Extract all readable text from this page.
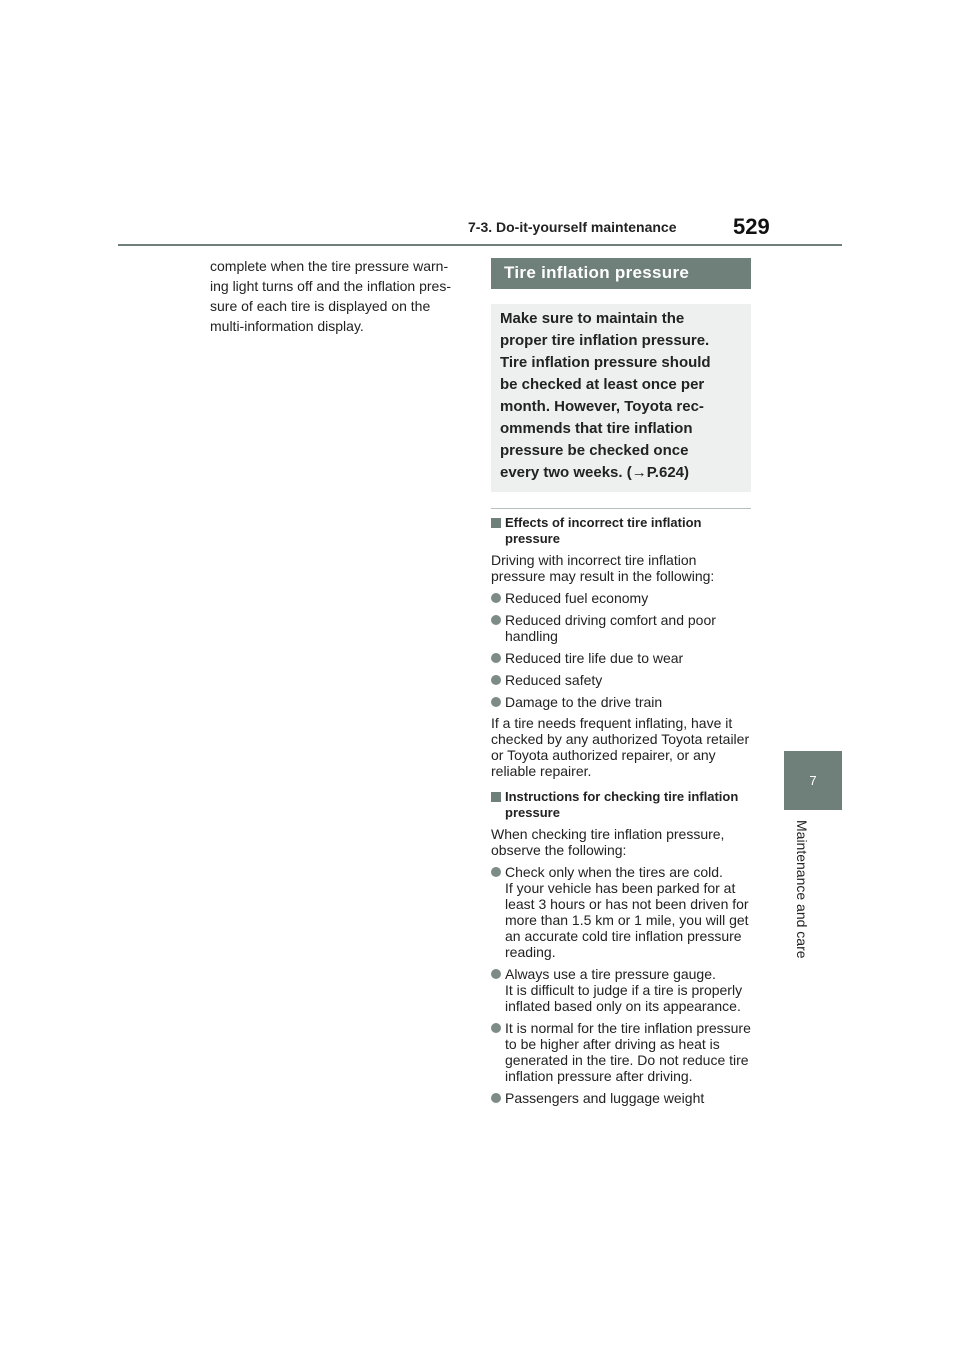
7-3. Do-it-yourself maintenance	529
7
Maintenance and care

complete when the tire pressure warn-

ing light turns off and the inflation pres-

sure of each tire is displayed on the

multi-information display.

Tire inflation pressure

Make sure to maintain the

proper tire inflation pressure.

Tire inflation pressure should

be checked at least once per

month. However, Toyota rec-

ommends that tire inflation

pressure be checked once

every two weeks. (→P.624)

Effects of incorrect tire inflation pressure

Driving with incorrect tire inflation pressure may result in the following:

Reduced fuel economy
Reduced driving comfort and poor handling
Reduced tire life due to wear
Reduced safety
Damage to the drive train

If a tire needs frequent inflating, have it checked by any authorized Toyota retailer or Toyota authorized repairer, or any reliable repairer.

Instructions for checking tire inflation pressure

When checking tire inflation pressure, observe the following:

Check only when the tires are cold.
If your vehicle has been parked for at least 3 hours or has not been driven for more than 1.5 km or 1 mile, you will get an accurate cold tire inflation pressure reading.
Always use a tire pressure gauge.
It is difficult to judge if a tire is properly inflated based only on its appearance.
It is normal for the tire inflation pressure to be higher after driving as heat is generated in the tire. Do not reduce tire inflation pressure after driving.
Passengers and luggage weight
